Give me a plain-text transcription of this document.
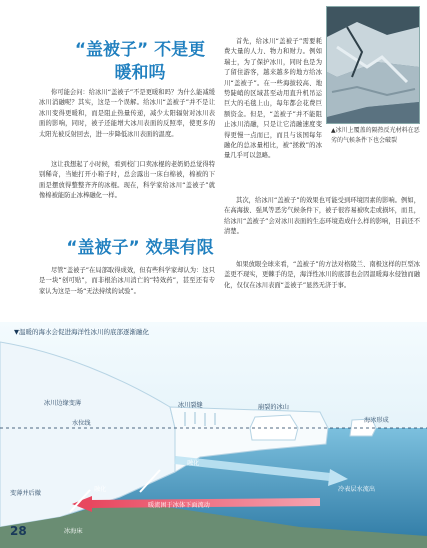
“盖被子” 不是更
暖和吗

你可能会问：给冰川“盖被子”不是更暖和吗？为什么能减缓冰川消融呢？其实，这是一个误解。给冰川“盖被子”并不是让冰川变得更暖和，而是阻止热量传递，减少太阳辐射对冰川表面的影响，同时，被子还能增大冰川表面的反照率，使更多的太阳光被反射回去，进一步降低冰川表面的温度。

这让我想起了小时候，看到校门口卖冰棍的老奶奶总觉得特别稀奇，当她打开小箱子时，总会露出一床白棉被，棉被的下面是摆放得整整齐齐的冰棍。现在，科学家给冰川“盖被子”就像棉被能防止冰棒融化一样。

“盖被子” 效果有限

尽管“盖被子”在局部取得成效，但有些科学家却认为：这只是一块“创可贴”，而非根治冰川消亡的“特效药”，甚至还有专家认为这是一场“无法持续的试验”。

首先，给冰川“盖被子”需要耗费大量的人力、物力和财力。例如瑞士，为了保护冰川，同时也是为了留住游客，越来越多的地方给冰川“盖被子”。在一些海拔较高、地势陡峭的区域甚至动用直升机吊运巨大的毛毯上山，每年都会花费巨额资金。但是，“盖被子”并不能阻止冰川消融，只是让它消融速度变得更慢一点而已，而且与该国每年融化的总冰量相比，被“拯救”的冰量几乎可以忽略。

▲冰川上覆盖的隔热反光材料在恶劣的气候条件下也会破裂

其次，给冰川“盖被子”的效果也可能受到环境因素的影响。例如，在高海拔、强风等恶劣气候条件下，被子很容易被吹走或损坏，而且，给冰川“盖被子”会对冰川表面的生态环境造成什么样的影响，目前还不清楚。

如果放眼全球来看，“盖被子”的方法对格陵兰、南极这样的巨型冰盖更不现实，更棘手的是，海洋性冰川的底部也会因温暖海水侵蚀而融化，仅仅在冰川表面“盖被子”显然无济于事。

▼温暖的海水会促进海洋性冰川的底部逐渐融化
冰川边缘变薄
水位线
冰川裂缝	崩裂的冰山
海冰形成
融化
融化	冷表层水流出
变薄并后撤
暖流困于冰体下面流动
冰海床
28
